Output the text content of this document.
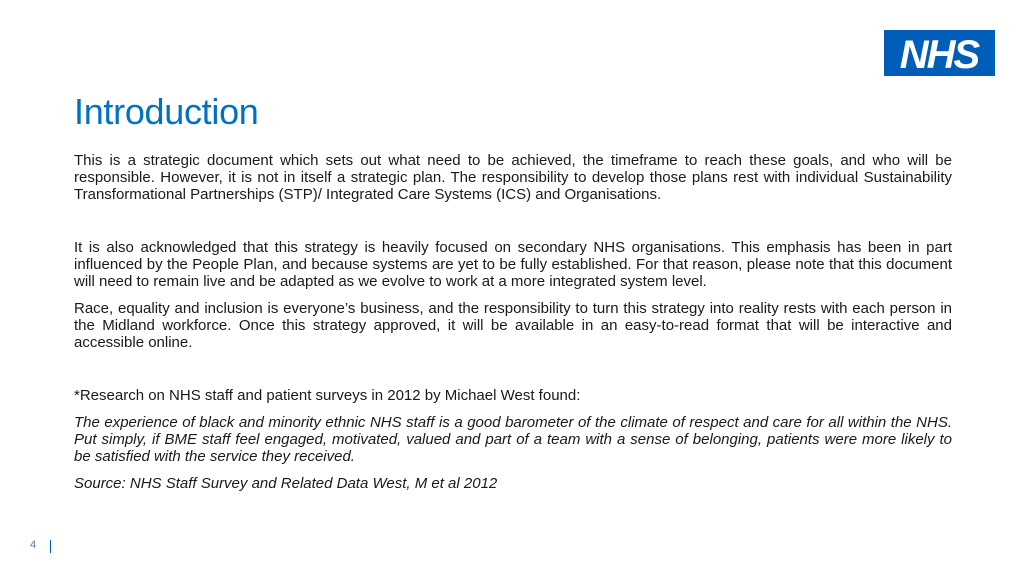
NHS
Introduction

This is a strategic document which sets out what need to be achieved, the timeframe to reach these goals, and who will be responsible. However, it is not in itself a strategic plan. The responsibility to develop those plans rest with individual Sustainability Transformational Partnerships (STP)/ Integrated Care Systems (ICS) and Organisations.

It is also acknowledged that this strategy is heavily focused on secondary NHS organisations. This emphasis has been in part influenced by the People Plan, and because systems are yet to be fully established. For that reason, please note that this document will need to remain live and be adapted as we evolve to work at a more integrated system level.

Race, equality and inclusion is everyone’s business, and the responsibility to turn this strategy into reality rests with each person in the Midland workforce. Once this strategy approved, it will be available in an easy-to-read format that will be interactive and accessible online.

*Research on NHS staff and patient surveys in 2012 by Michael West found:

The experience of black and minority ethnic NHS staff is a good barometer of the climate of respect and care for all within the NHS. Put simply, if BME staff feel engaged, motivated, valued and part of a team with a sense of belonging, patients were more likely to be satisfied with the service they received.

Source: NHS Staff Survey and Related Data West, M et al 2012

4
